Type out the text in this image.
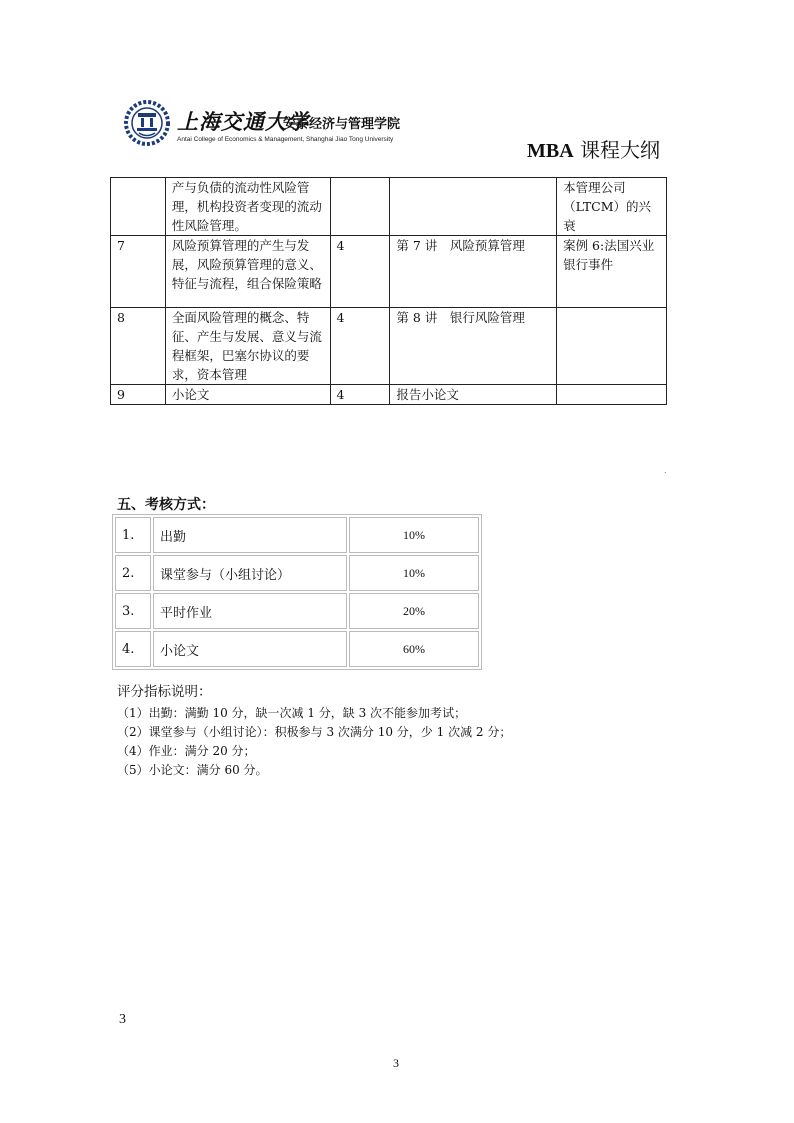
上海交通大学
安泰经济与管理学院
Antai College of Economics & Management, Shanghai Jiao Tong University
MBA 课程大纲
	产与负债的流动性风险管理，机构投资者变现的流动性风险管理。			本管理公司（LTCM）的兴衰
7	风险预算管理的产生与发展，风险预算管理的意义、特征与流程，组合保险策略	4	第 7 讲　风险预算管理	案例 6:法国兴业银行事件
8	全面风险管理的概念、特征、产生与发展、意义与流程框架，巴塞尔协议的要求，资本管理	4	第 8 讲　银行风险管理	
9	小论文	4	报告小论文	
.
五、考核方式：
1.	出勤	10%
2.	课堂参与（小组讨论）	10%
3.	平时作业	20%
4.	小论文	60%
评分指标说明：
（1）出勤：满勤 10 分，缺一次减 1 分，缺 3 次不能参加考试；
（2）课堂参与（小组讨论）：积极参与 3 次满分 10 分，少 1 次减 2 分；
（4）作业：满分 20 分；
（5）小论文：满分 60 分。
3
3
